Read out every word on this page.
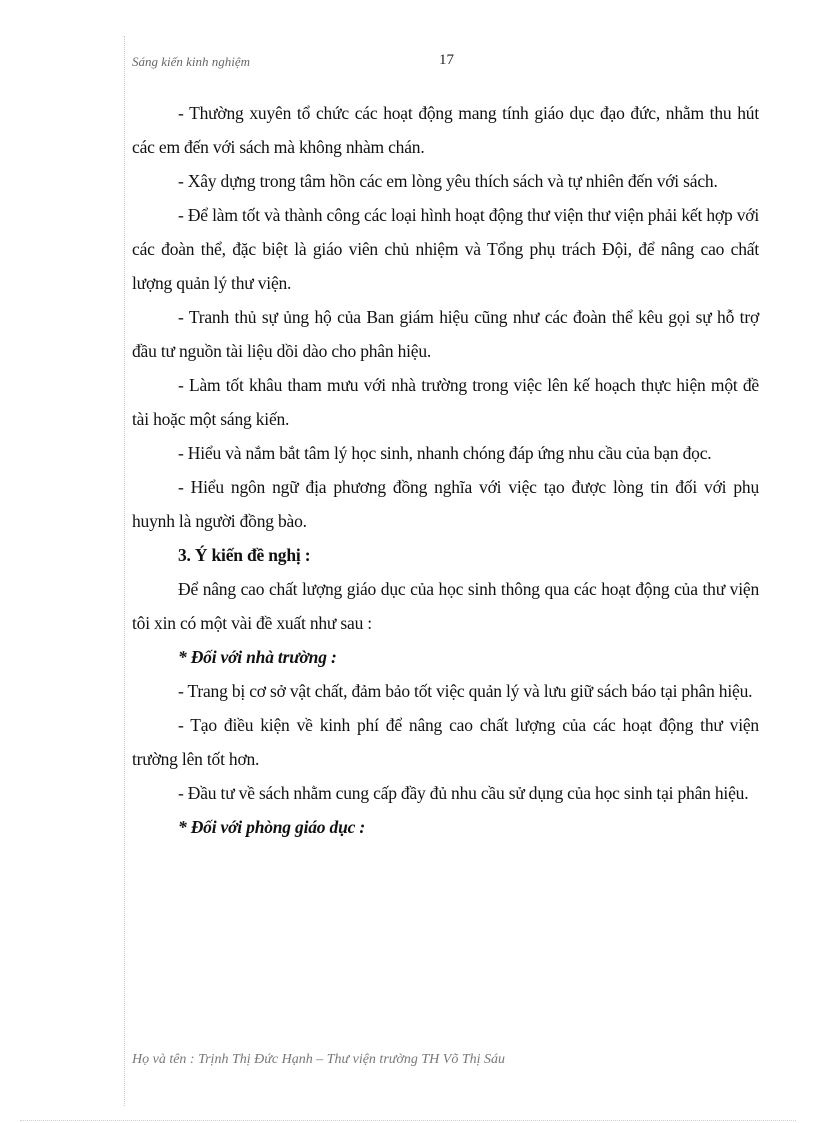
Sáng kiến kinh nghiệm	17

- Thường xuyên tổ chức các hoạt động mang tính giáo dục đạo đức, nhằm thu hút các em đến với sách mà không nhàm chán.

- Xây dựng trong tâm hồn các em lòng yêu thích sách và tự nhiên đến với sách.

- Để làm tốt và thành công các loại hình hoạt động thư viện thư viện phải kết hợp với các đoàn thể, đặc biệt là giáo viên chủ nhiệm và Tổng phụ trách Đội, để nâng cao chất lượng quản lý thư viện.

- Tranh thủ sự ủng hộ của Ban giám hiệu cũng như các đoàn thể kêu gọi sự hỗ trợ đầu tư nguồn tài liệu dồi dào cho phân hiệu.

- Làm tốt khâu tham mưu với nhà trường trong việc lên kế hoạch thực hiện một đề tài hoặc một sáng kiến.

- Hiểu và nắm bắt tâm lý học sinh, nhanh chóng đáp ứng nhu cầu của bạn đọc.

- Hiểu ngôn ngữ địa phương đồng nghĩa với việc tạo được lòng tin đối với phụ huynh là người đồng bào.

3. Ý kiến đề nghị :

Để nâng cao chất lượng giáo dục của học sinh thông qua các hoạt động của thư viện tôi xin có một vài đề xuất như sau :

* Đối với nhà trường :

- Trang bị cơ sở vật chất, đảm bảo tốt việc quản lý và lưu giữ sách báo tại phân hiệu.

- Tạo điều kiện về kinh phí để nâng cao chất lượng của các hoạt động thư viện trường lên tốt hơn.

- Đầu tư về sách nhằm cung cấp đầy đủ nhu cầu sử dụng của học sinh tại phân hiệu.

* Đối với phòng giáo dục :

Họ và tên : Trịnh Thị Đức Hạnh – Thư viện trường TH Võ Thị Sáu
